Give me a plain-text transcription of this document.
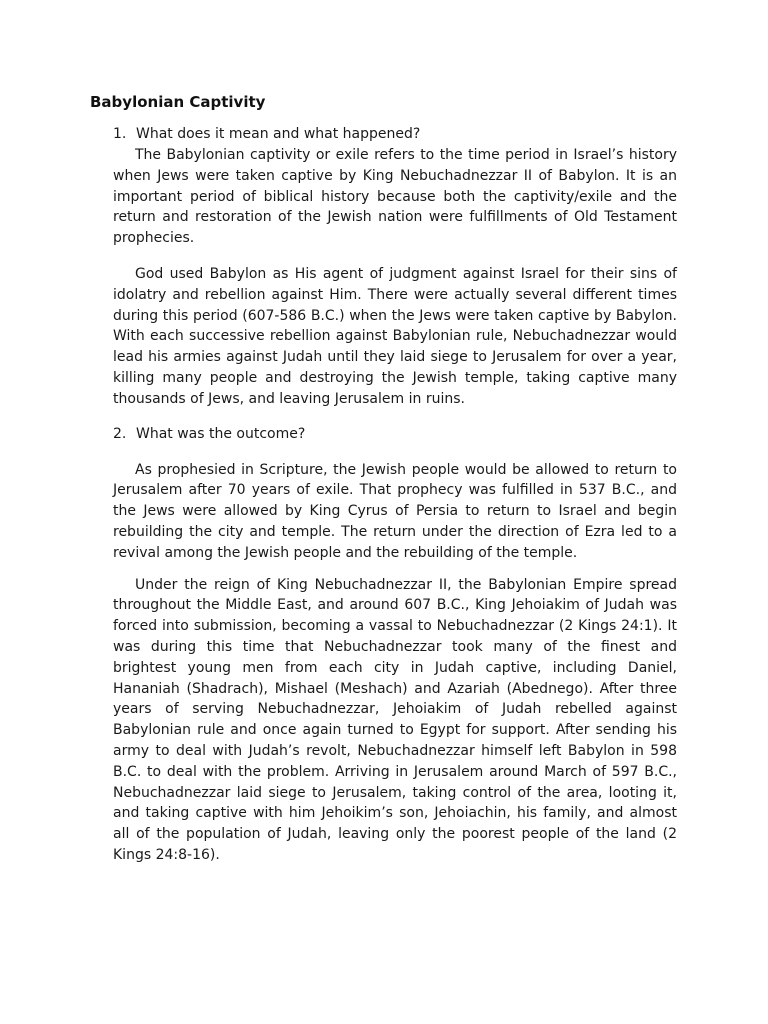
Babylonian Captivity
1. What does it mean and what happened?

The Babylonian captivity or exile refers to the time period in Israel’s history when Jews were taken captive by King Nebuchadnezzar II of Babylon. It is an important period of biblical history because both the captivity/exile and the return and restoration of the Jewish nation were fulfillments of Old Testament prophecies.

God used Babylon as His agent of judgment against Israel for their sins of idolatry and rebellion against Him. There were actually several different times during this period (607-586 B.C.) when the Jews were taken captive by Babylon. With each successive rebellion against Babylonian rule, Nebuchadnezzar would lead his armies against Judah until they laid siege to Jerusalem for over a year, killing many people and destroying the Jewish temple, taking captive many thousands of Jews, and leaving Jerusalem in ruins.

2. What was the outcome?

As prophesied in Scripture, the Jewish people would be allowed to return to Jerusalem after 70 years of exile. That prophecy was fulfilled in 537 B.C., and the Jews were allowed by King Cyrus of Persia to return to Israel and begin rebuilding the city and temple. The return under the direction of Ezra led to a revival among the Jewish people and the rebuilding of the temple.

Under the reign of King Nebuchadnezzar II, the Babylonian Empire spread throughout the Middle East, and around 607 B.C., King Jehoiakim of Judah was forced into submission, becoming a vassal to Nebuchadnezzar (2 Kings 24:1). It was during this time that Nebuchadnezzar took many of the finest and brightest young men from each city in Judah captive, including Daniel, Hananiah (Shadrach), Mishael (Meshach) and Azariah (Abednego). After three years of serving Nebuchadnezzar, Jehoiakim of Judah rebelled against Babylonian rule and once again turned to Egypt for support. After sending his army to deal with Judah’s revolt, Nebuchadnezzar himself left Babylon in 598 B.C. to deal with the problem. Arriving in Jerusalem around March of 597 B.C., Nebuchadnezzar laid siege to Jerusalem, taking control of the area, looting it, and taking captive with him Jehoikim’s son, Jehoiachin, his family, and almost all of the population of Judah, leaving only the poorest people of the land (2 Kings 24:8-16).
